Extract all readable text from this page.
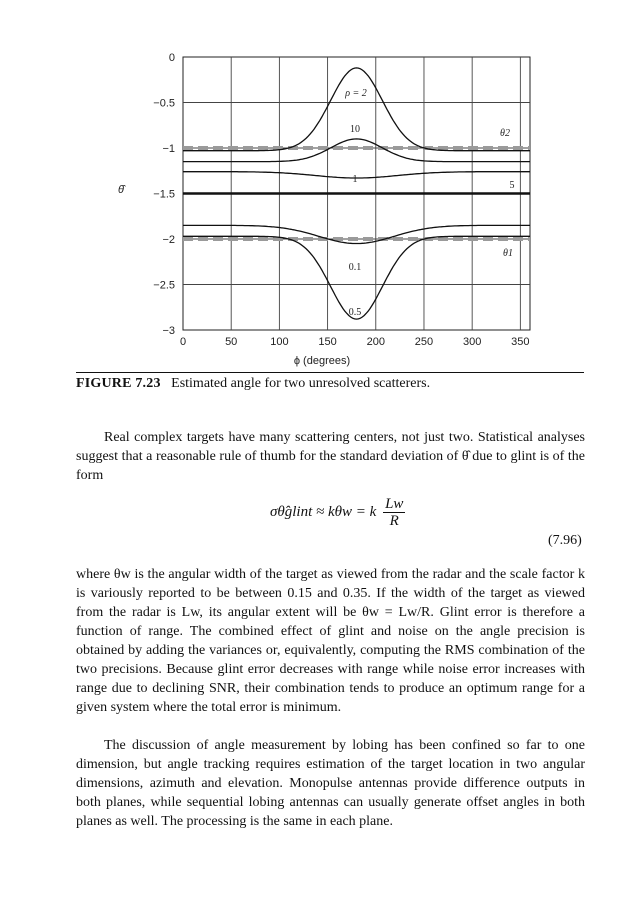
0	50	100	150	200	250	300	350
0
−0.5
−1
−1.5
−2
−2.5
−3
ρ = 2
10
5
1
0.1
0.5
θ2
θ1
θ̂
ϕ (degrees)
FIGURE 7.23 Estimated angle for two unresolved scatterers.
Real complex targets have many scattering centers, not just two. Statistical analyses suggest that a reasonable rule of thumb for the standard deviation of θ̂ due to glint is of the form
σθ̂glint ≈ kθw = k $\frac{Lw}{R}$
(7.96)
where θw is the angular width of the target as viewed from the radar and the scale factor k is variously reported to be between 0.15 and 0.35. If the width of the target as viewed from the radar is Lw, its angular extent will be θw = Lw/R. Glint error is therefore a function of range. The combined effect of glint and noise on the angle precision is obtained by adding the variances or, equivalently, computing the RMS combination of the two precisions. Because glint error decreases with range while noise error increases with range due to declining SNR, their combination tends to produce an optimum range for a given system where the total error is minimum.
The discussion of angle measurement by lobing has been confined so far to one dimension, but angle tracking requires estimation of the target location in two angular dimensions, azimuth and elevation. Monopulse antennas provide difference outputs in both planes, while sequential lobing antennas can usually generate offset angles in both planes as well. The processing is the same in each plane.
